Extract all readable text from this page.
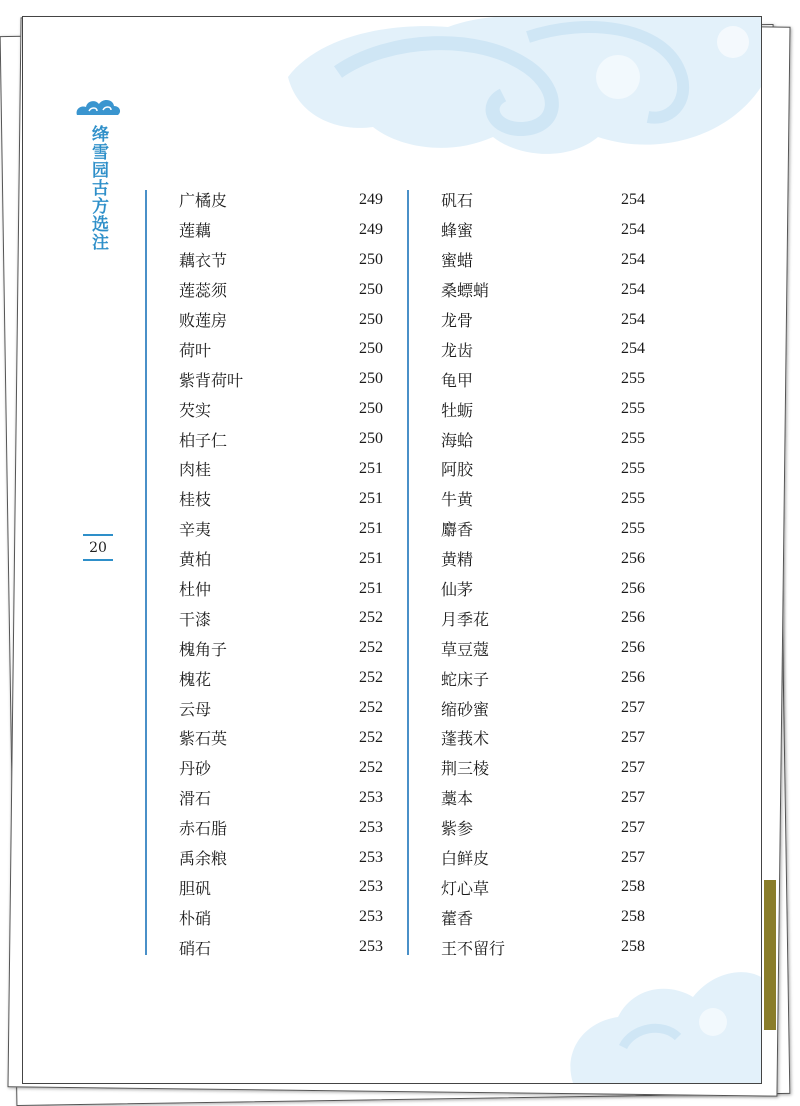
绛雪园古方选注
20
广橘皮	249
莲藕	249
藕衣节	250
莲蕊须	250
败莲房	250
荷叶	250
紫背荷叶	250
芡实	250
柏子仁	250
肉桂	251
桂枝	251
辛夷	251
黄柏	251
杜仲	251
干漆	252
槐角子	252
槐花	252
云母	252
紫石英	252
丹砂	252
滑石	253
赤石脂	253
禹余粮	253
胆矾	253
朴硝	253
硝石	253
矾石	254
蜂蜜	254
蜜蜡	254
桑螵蛸	254
龙骨	254
龙齿	254
龟甲	255
牡蛎	255
海蛤	255
阿胶	255
牛黄	255
麝香	255
黄精	256
仙茅	256
月季花	256
草豆蔻	256
蛇床子	256
缩砂蜜	257
蓬莪术	257
荆三棱	257
藁本	257
紫参	257
白鲜皮	257
灯心草	258
藿香	258
王不留行	258
